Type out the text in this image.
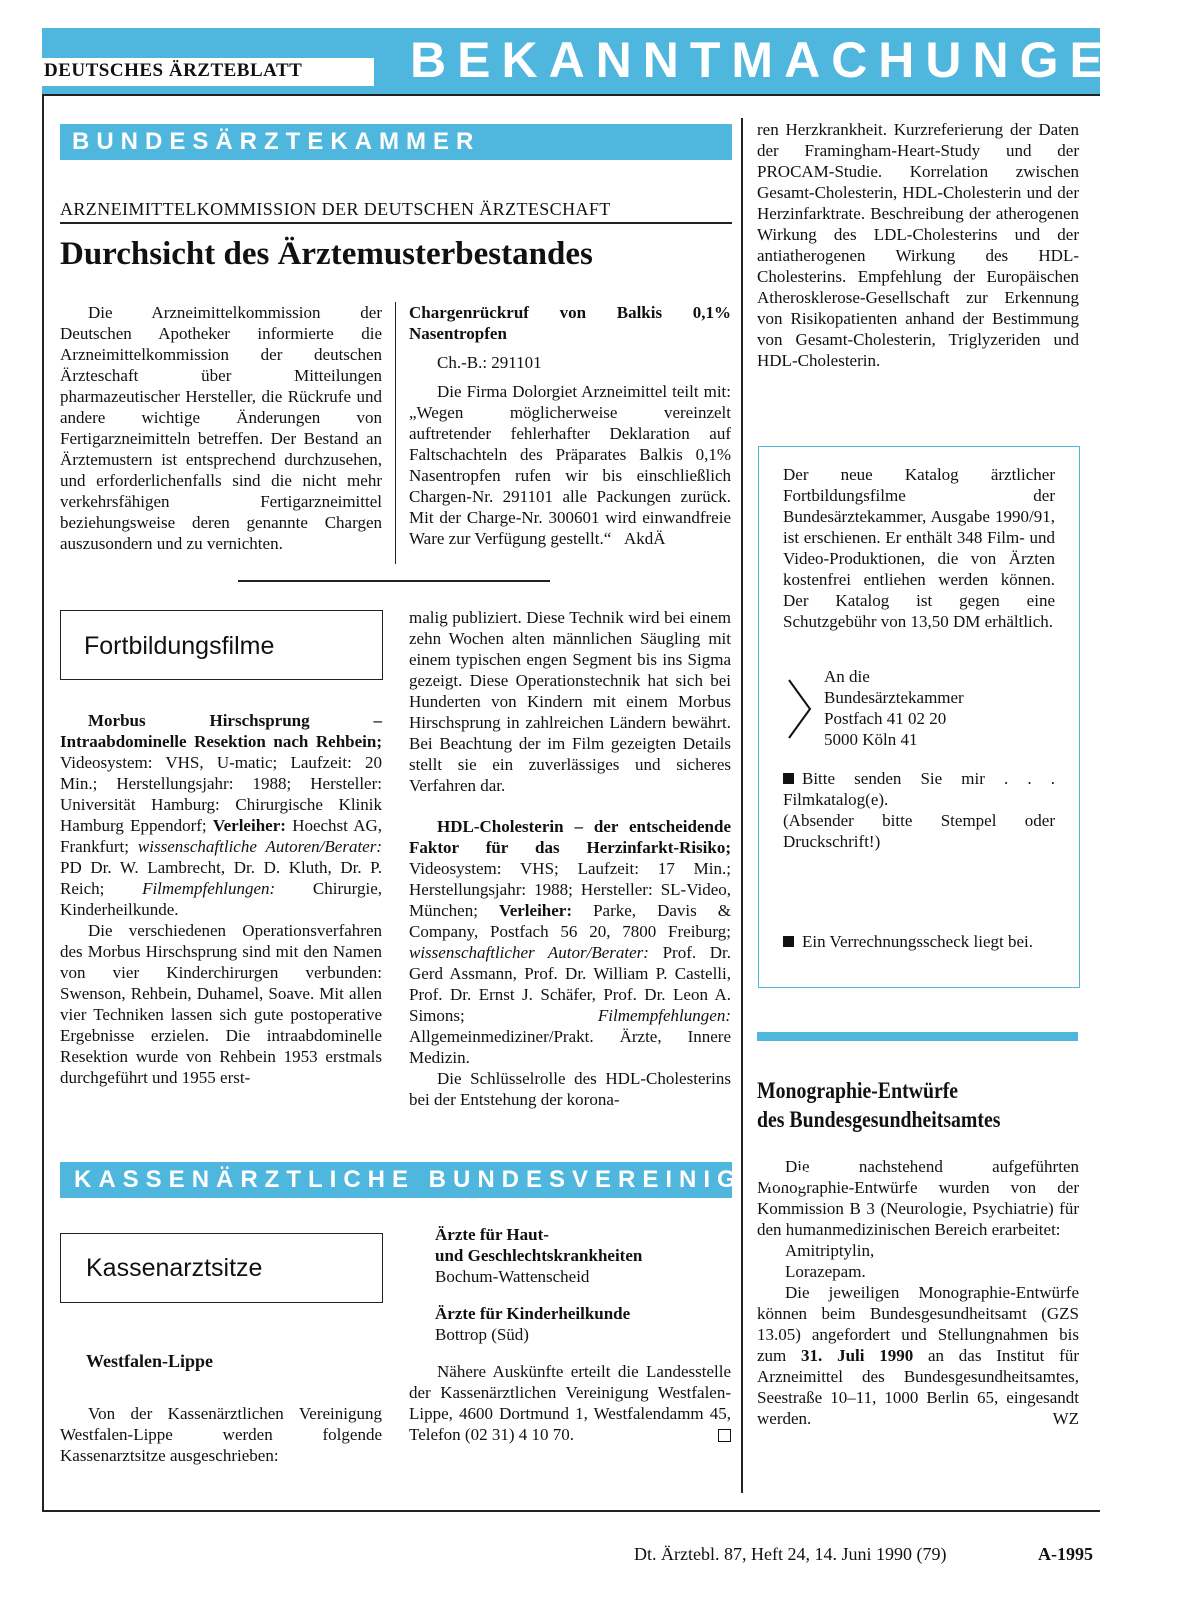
DEUTSCHES ÄRZTEBLATT BEKANNTMACHUNGEN
BUNDESÄRZTEKAMMER
ARZNEIMITTELKOMMISSION DER DEUTSCHEN ÄRZTESCHAFT
Durchsicht des Ärztemusterbestandes

Die Arzneimittelkommission der Deutschen Apotheker informierte die Arzneimittelkommission der deutschen Ärzteschaft über Mitteilungen pharmazeutischer Hersteller, die Rückrufe und andere wichtige Änderungen von Fertigarzneimitteln betreffen. Der Bestand an Ärztemustern ist entsprechend durchzusehen, und erforderlichenfalls sind die nicht mehr verkehrsfähigen Fertigarzneimittel beziehungsweise deren genannte Chargen auszusondern und zu vernichten.

Chargenrückruf von Balkis 0,1% Nasentropfen

Ch.-B.: 291101

Die Firma Dolorgiet Arzneimittel teilt mit: „Wegen möglicherweise vereinzelt auftretender fehlerhafter Deklaration auf Faltschachteln des Präparates Balkis 0,1% Nasentropfen rufen wir bis einschließlich Chargen-Nr. 291101 alle Packungen zurück. Mit der Charge-Nr. 300601 wird einwandfreie Ware zur Verfügung gestellt.“ AkdÄ

Fortbildungsfilme

Morbus Hirschsprung – Intraabdominelle Resektion nach Rehbein; Videosystem: VHS, U-matic; Laufzeit: 20 Min.; Herstellungsjahr: 1988; Hersteller: Universität Hamburg: Chirurgische Klinik Hamburg Eppendorf; Verleiher: Hoechst AG, Frankfurt; wissenschaftliche Autoren/Berater: PD Dr. W. Lambrecht, Dr. D. Kluth, Dr. P. Reich; Filmempfehlungen: Chirurgie, Kinderheilkunde.

Die verschiedenen Operationsverfahren des Morbus Hirschsprung sind mit den Namen von vier Kinderchirurgen verbunden: Swenson, Rehbein, Duhamel, Soave. Mit allen vier Techniken lassen sich gute postoperative Ergebnisse erzielen. Die intraabdominelle Resektion wurde von Rehbein 1953 erstmals durchgeführt und 1955 erst-

malig publiziert. Diese Technik wird bei einem zehn Wochen alten männlichen Säugling mit einem typischen engen Segment bis ins Sigma gezeigt. Diese Operationstechnik hat sich bei Hunderten von Kindern mit einem Morbus Hirschsprung in zahlreichen Ländern bewährt. Bei Beachtung der im Film gezeigten Details stellt sie ein zuverlässiges und sicheres Verfahren dar.

HDL-Cholesterin – der entscheidende Faktor für das Herzinfarkt-Risiko; Videosystem: VHS; Laufzeit: 17 Min.; Herstellungsjahr: 1988; Hersteller: SL-Video, München; Verleiher: Parke, Davis & Company, Postfach 56 20, 7800 Freiburg; wissenschaftlicher Autor/Berater: Prof. Dr. Gerd Assmann, Prof. Dr. William P. Castelli, Prof. Dr. Ernst J. Schäfer, Prof. Dr. Leon A. Simons;	Filmempfehlungen: Allgemeinmediziner/Prakt. Ärzte, Innere Medizin.

Die Schlüsselrolle des HDL-Cholesterins bei der Entstehung der korona-

ren Herzkrankheit. Kurzreferierung der Daten der Framingham-Heart-Study und der PROCAM-Studie. Korrelation zwischen Gesamt-Cholesterin, HDL-Cholesterin und der Herzinfarktrate. Beschreibung der atherogenen Wirkung des LDL-Cholesterins und der antiatherogenen Wirkung des HDL-Cholesterins. Empfehlung der Europäischen Atherosklerose-Gesellschaft zur Erkennung von Risikopatienten anhand der Bestimmung von Gesamt-Cholesterin, Triglyzeriden und HDL-Cholesterin.

Der neue Katalog ärztlicher Fortbildungsfilme der Bundesärztekammer, Ausgabe 1990/91, ist erschienen. Er enthält 348 Film- und Video-Produktionen, die von Ärzten kostenfrei entliehen werden können. Der Katalog ist gegen eine Schutzgebühr von 13,50 DM erhältlich.

An die
Bundesärztekammer
Postfach 41 02 20
5000 Köln 41

Bitte senden Sie mir . . . Filmkatalog(e).

(Absender bitte Stempel oder Druckschrift!)

Ein Verrechnungsscheck liegt bei.

Monographie-Entwürfe
des Bundesgesundheitsamtes

Die nachstehend aufgeführten Monographie-Entwürfe wurden von der Kommission B 3 (Neurologie, Psychiatrie) für den humanmedizinischen Bereich erarbeitet:

Amitriptylin,

Lorazepam.

Die jeweiligen Monographie-Entwürfe können beim Bundesgesundheitsamt (GZS 13.05) angefordert und Stellungnahmen bis zum 31. Juli 1990 an das Institut für Arzneimittel des Bundesgesundheitsamtes, Seestraße 10–11, 1000 Berlin 65, eingesandt werden.	WZ

KASSENÄRZTLICHE BUNDESVEREINIGUNG
Kassenarztsitze
Westfalen-Lippe

Von der Kassenärztlichen Vereinigung Westfalen-Lippe werden folgende Kassenarztsitze ausgeschrieben:

Ärzte für Haut-
und Geschlechtskrankheiten
Bochum-Wattenscheid
Ärzte für Kinderheilkunde
Bottrop (Süd)

Nähere Auskünfte erteilt die Landesstelle der Kassenärztlichen Vereinigung Westfalen-Lippe, 4600 Dortmund 1, Westfalendamm 45, Telefon (02 31) 4 10 70.

Dt. Ärztebl. 87, Heft 24, 14. Juni 1990 (79)	A-1995
